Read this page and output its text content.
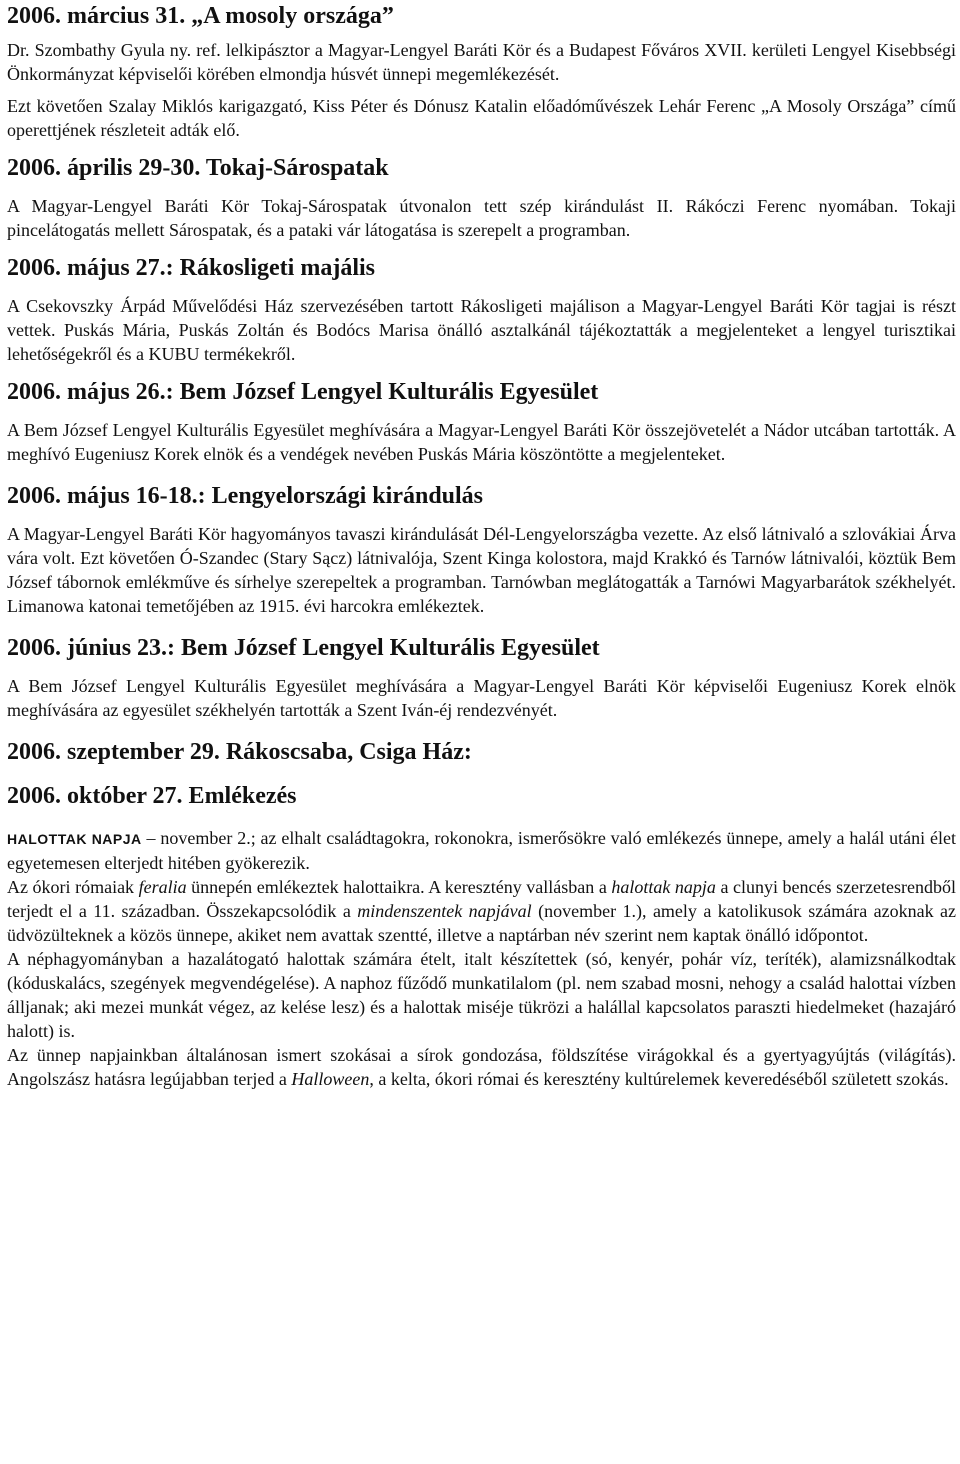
2006. március 31. „A mosoly országa”

Dr. Szombathy Gyula ny. ref. lelkipásztor a Magyar-Lengyel Baráti Kör és a Budapest Főváros XVII. kerületi Lengyel Kisebbségi Önkormányzat képviselői körében elmondja húsvét ünnepi megemlékezését.

Ezt követően Szalay Miklós karigazgató, Kiss Péter és Dónusz Katalin előadóművészek Lehár Ferenc „A Mosoly Országa” című operettjének részleteit adták elő.

2006. április 29-30. Tokaj-Sárospatak

A Magyar-Lengyel Baráti Kör Tokaj-Sárospatak útvonalon tett szép kirándulást II. Rákóczi Ferenc nyomában. Tokaji pincelátogatás mellett Sárospatak, és a pataki vár látogatása is szerepelt a programban.

2006. május 27.: Rákosligeti majális

A Csekovszky Árpád Művelődési Ház szervezésében tartott Rákosligeti majálison a Magyar-Lengyel Baráti Kör tagjai is részt vettek. Puskás Mária, Puskás Zoltán és Bodócs Marisa önálló asztalkánál tájékoztatták a megjelenteket a lengyel turisztikai lehetőségekről és a KUBU termékekről.

2006. május 26.: Bem József Lengyel Kulturális Egyesület

A Bem József Lengyel Kulturális Egyesület meghívására a Magyar-Lengyel Baráti Kör összejövetelét a Nádor utcában tartották. A meghívó Eugeniusz Korek elnök és a vendégek nevében Puskás Mária köszöntötte a megjelenteket.

2006. május 16-18.: Lengyelországi kirándulás

A Magyar-Lengyel Baráti Kör hagyományos tavaszi kirándulását Dél-Lengyelországba vezette. Az első látnivaló a szlovákiai Árva vára volt. Ezt követően Ó-Szandec (Stary Sącz) látnivalója, Szent Kinga kolostora, majd Krakkó és Tarnów látnivalói, köztük Bem József tábornok emlékműve és sírhelye szerepeltek a programban. Tarnówban meglátogatták a Tarnówi Magyarbarátok székhelyét. Limanowa katonai temetőjében az 1915. évi harcokra emlékeztek.

2006. június 23.: Bem József Lengyel Kulturális Egyesület

A Bem József Lengyel Kulturális Egyesület meghívására a Magyar-Lengyel Baráti Kör képviselői Eugeniusz Korek elnök meghívására az egyesület székhelyén tartották a Szent Iván-éj rendezvényét.

2006. szeptember 29. Rákoscsaba, Csiga Ház:
2006. október 27. Emlékezés

HALOTTAK NAPJA – november 2.; az elhalt családtagokra, rokonokra, ismerősökre való emlékezés ünnepe, amely a halál utáni élet egyetemesen elterjedt hitében gyökerezik.

Az ókori rómaiak feralia ünnepén emlékeztek halottaikra. A keresztény vallásban a halottak napja a clunyi bencés szerzetesrendből terjedt el a 11. században. Összekapcsolódik a mindenszentek napjával (november 1.), amely a katolikusok számára azoknak az üdvözülteknek a közös ünnepe, akiket nem avattak szentté, illetve a naptárban név szerint nem kaptak önálló időpontot.

A néphagyományban a hazalátogató halottak számára ételt, italt készítettek (só, kenyér, pohár víz, teríték), alamizsnálkodtak (kóduskalács, szegények megvendégelése). A naphoz fűződő munkatilalom (pl. nem szabad mosni, nehogy a család halottai vízben álljanak; aki mezei munkát végez, az kelése lesz) és a halottak miséje tükrözi a halállal kapcsolatos paraszti hiedelmeket (hazajáró halott) is.

Az ünnep napjainkban általánosan ismert szokásai a sírok gondozása, földszítése virágokkal és a gyertyagyújtás (világítás). Angolszász hatásra legújabban terjed a Halloween, a kelta, ókori római és keresztény kultúrelemek keveredéséből született szokás.
